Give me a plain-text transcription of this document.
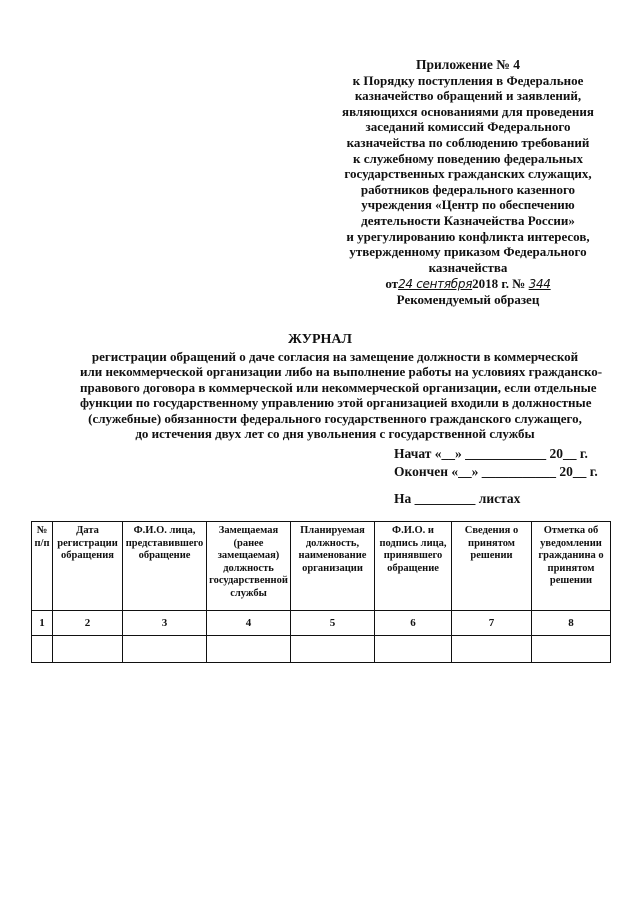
Приложение № 4
к Порядку поступления в Федеральное
казначейство обращений и заявлений,
являющихся основаниями для проведения
заседаний комиссий Федерального
казначейства по соблюдению требований
к служебному поведению федеральных
государственных гражданских служащих,
работников федерального казенного
учреждения «Центр по обеспечению
деятельности Казначейства России»
и урегулированию конфликта интересов,
утвержденному приказом Федерального
казначейства
от24 сентября2018 г. № 344
Рекомендуемый образец
ЖУРНАЛ
регистрации обращений о даче согласия на замещение должности в коммерческой
или некоммерческой организации либо на выполнение работы на условиях гражданско-
правового договора в коммерческой или некоммерческой организации, если отдельные
функции по государственному управлению этой организацией входили в должностные
(служебные) обязанности федерального государственного гражданского служащего,
до истечения двух лет со дня увольнения с государственной службы
Начат «__» ____________ 20__ г.
Окончен «__» ___________ 20__ г.
На _________ листах
№ п/п	Дата регистрации обращения	Ф.И.О. лица, представившего обращение	Замещаемая (ранее замещаемая) должность государственной службы	Планируемая должность, наименование организации	Ф.И.О. и подпись лица, принявшего обращение	Сведения о принятом решении	Отметка об уведомлении гражданина о принятом решении
1	2	3	4	5	6	7	8
